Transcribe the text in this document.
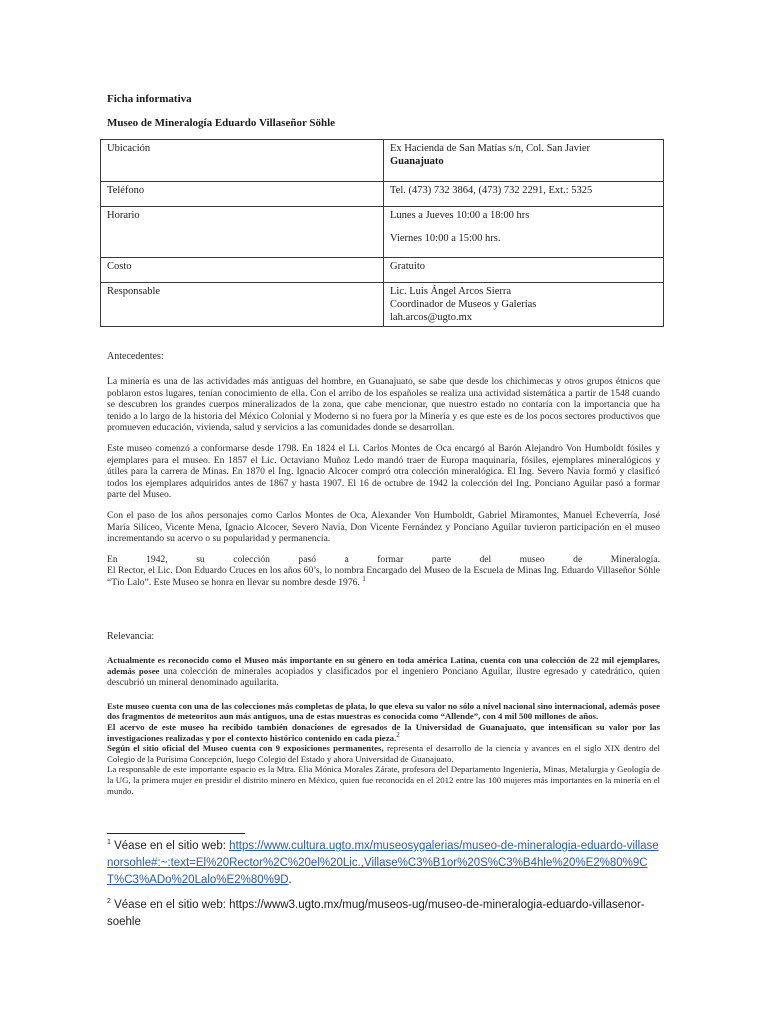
Ficha informativa
Museo de Mineralogía Eduardo Villaseñor Söhle
Ubicación	Ex Hacienda de San Matías s/n, Col. San Javier
Guanajuato

Teléfono	Tel. (473) 732 3864, (473) 732 2291, Ext.: 5325
Horario	Lunes a Jueves 10:00 a 18:00 hrs
Viernes 10:00 a 15:00 hrs.

Costo	Gratuito
Responsable	Lic. Luis Ángel Arcos Sierra
Coordinador de Museos y Galerías
lah.arcos@ugto.mx
Antecedentes:

La minería es una de las actividades más antiguas del hombre, en Guanajuato, se sabe que desde los chichimecas y otros grupos étnicos que poblaron estos lugares, tenían conocimiento de ella. Con el arribo de los españoles se realiza una actividad sistemática a partir de 1548 cuando se descubren los grandes cuerpos mineralizados de la zona, que cabe mencionar, que nuestro estado no contaría con la importancia que ha tenido a lo largo de la historia del México Colonial y Moderno si no fuera por la Minería y es que este es de los pocos sectores productivos que promueven educación, vivienda, salud y servicios a las comunidades donde se desarrollan.

Este museo comenzó a conformarse desde 1798. En 1824 el Li. Carlos Montes de Oca encargó al Barón Alejandro Von Humboldt fósiles y ejemplares para el museo. En 1857 el Lic. Octaviano Muñoz Ledo mandó traer de Europa maquinaria, fósiles, ejemplares mineralógicos y útiles para la carrera de Minas. En 1870 el Ing. Ignacio Alcocer compró otra colección mineralógica. El Ing. Severo Navia formó y clasificó todos los ejemplares adquiridos antes de 1867 y hasta 1907. El 16 de octubre de 1942 la colección del Ing. Ponciano Aguilar pasó a formar parte del Museo.

Con el paso de los años personajes como Carlos Montes de Oca, Alexander Von Humboldt, Gabriel Miramontes, Manuel Echeverría, José María Silíceo, Vicente Mena, Ignacio Alcocer, Severo Navia, Don Vicente Fernández y Ponciano Aguilar tuvieron participación en el museo incrementando su acervo o su popularidad y permanencia.

En 1942, su colección pasó a formar parte del museo de Mineralogía.

El Rector, el Lic. Don Eduardo Cruces en los años 60’s, lo nombra Encargado del Museo de la Escuela de Minas Ing. Eduardo Villaseñor Söhle “Tío Lalo”. Este Museo se honra en llevar su nombre desde 1976. $^1$

Relevancia:

Actualmente es reconocido como el Museo más importante en su género en toda américa Latina, cuenta con una colección de 22 mil ejemplares, además posee una colección de minerales acopiados y clasificados por el ingeniero Ponciano Aguilar, ilustre egresado y catedrático, quien descubrió un mineral denominado aguilarita.

Este museo cuenta con una de las colecciones más completas de plata, lo que eleva su valor no sólo a nivel nacional sino internacional, además posee dos fragmentos de meteoritos aun más antiguos, una de estas muestras es conocida como “Allende”, con 4 mil 500 millones de años.

El acervo de este museo ha recibido también donaciones de egresados de la Universidad de Guanajuato, que intensifican su valor por las investigaciones realizadas y por el contexto histórico contenido en cada pieza.$^2$

Según el sitio oficial del Museo cuenta con 9 exposiciones permanentes, representa el desarrollo de la ciencia y avances en el siglo XIX dentro del Colegio de la Purísima Concepción, luego Colegio del Estado y ahora Universidad de Guanajuato.

La responsable de este importante espacio es la Mtra. Elia Mónica Morales Zárate, profesora del Departamento Ingeniería, Minas, Metalurgia y Geología de la UG, la primera mujer en presidir el distrito minero en México, quien fue reconocida en el 2012 entre las 100 mujeres más importantes en la minería en el mundo.

$^1$ Véase en el sitio web: https://www.cultura.ugto.mx/museosygalerias/museo-de-mineralogia-eduardo-villasenorsohle#:~:text=El%20Rector%2C%20el%20Lic.,Villase%C3%B1or%20S%C3%B4hle%20%E2%80%9CT%C3%ADo%20Lalo%E2%80%9D.
$^2$ Véase en el sitio web: https://www3.ugto.mx/mug/museos-ug/museo-de-mineralogia-eduardo-villasenor-soehle
